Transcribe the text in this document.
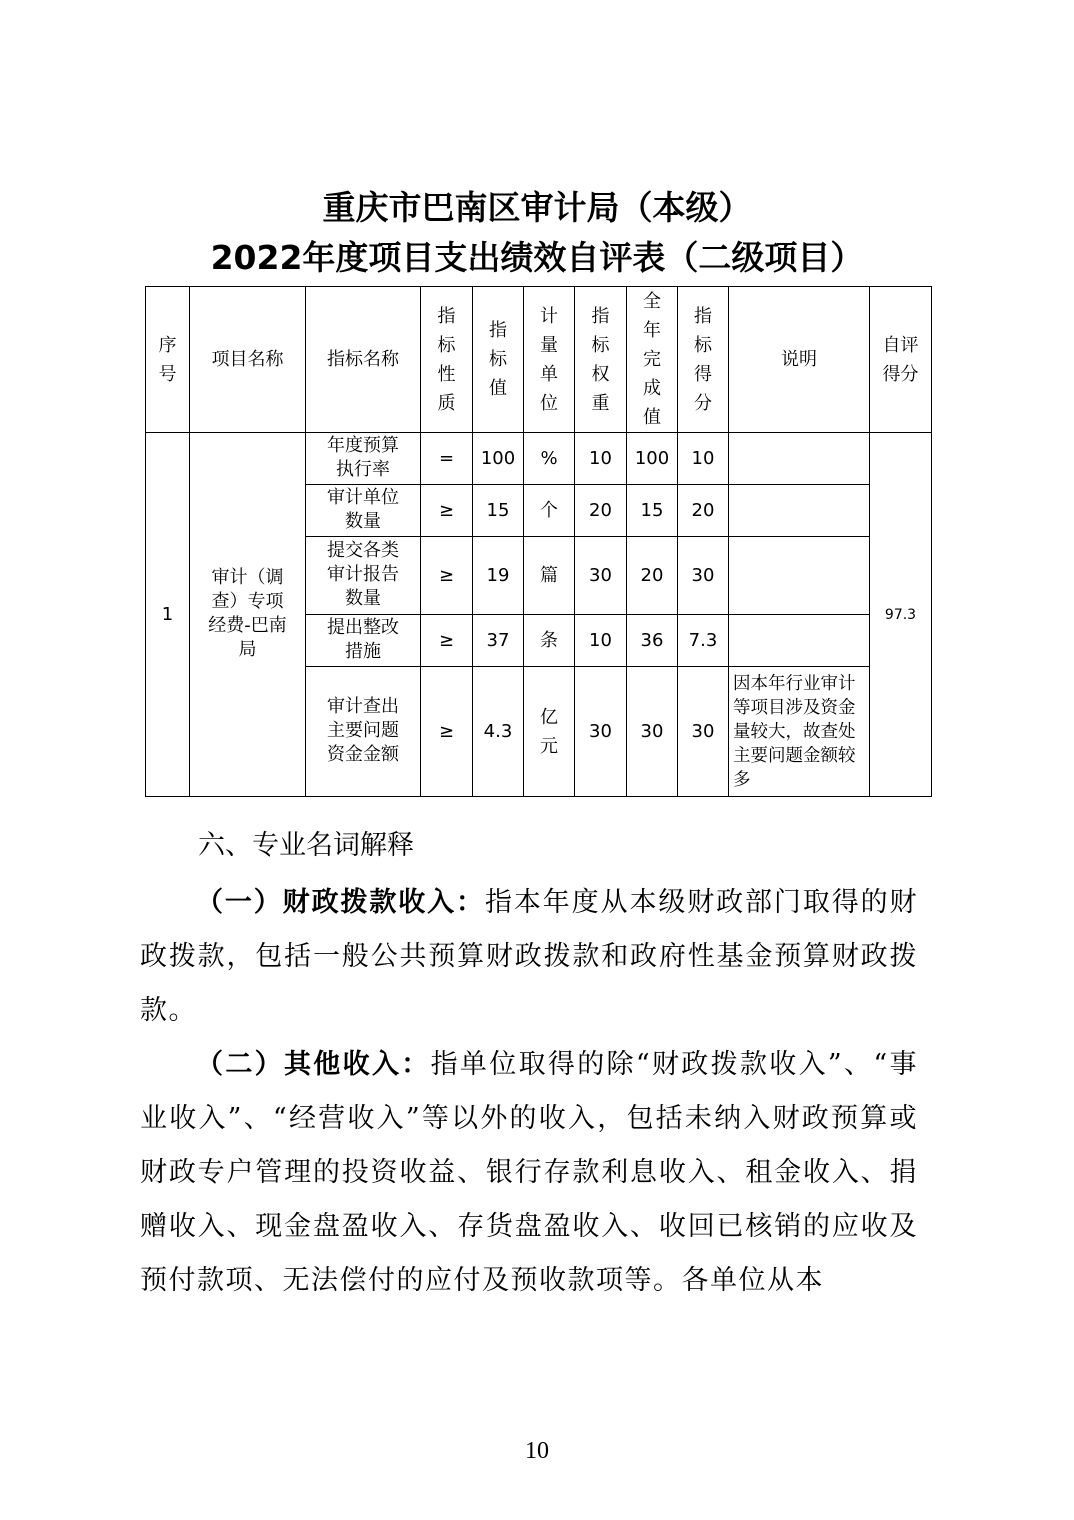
重庆市巴南区审计局（本级）
2022年度项目支出绩效自评表（二级项目）
序号	项目名称	指标名称	指标性质	指标值	计量单位	指标权重	全年完成值	指标得分	说明	自评得分
1	审计（调查）专项经费-巴南局	年度预算执行率	=	100	%	10	100	10		97.3
		审计单位数量	≥	15	个	20	15	20		
		提交各类审计报告数量	≥	19	篇	30	20	30		
		提出整改措施	≥	37	条	10	36	7.3		
		审计查出主要问题资金金额	≥	4.3	亿元	30	30	30	因本年行业审计等项目涉及资金量较大，故查处主要问题金额较多	
六、专业名词解释
（一）财政拨款收入：指本年度从本级财政部门取得的财政拨款，包括一般公共预算财政拨款和政府性基金预算财政拨款。
（二）其他收入：指单位取得的除“财政拨款收入”、“事业收入”、“经营收入”等以外的收入，包括未纳入财政预算或财政专户管理的投资收益、银行存款利息收入、租金收入、捐赠收入、现金盘盈收入、存货盘盈收入、收回已核销的应收及预付款项、无法偿付的应付及预收款项等。各单位从本
10
